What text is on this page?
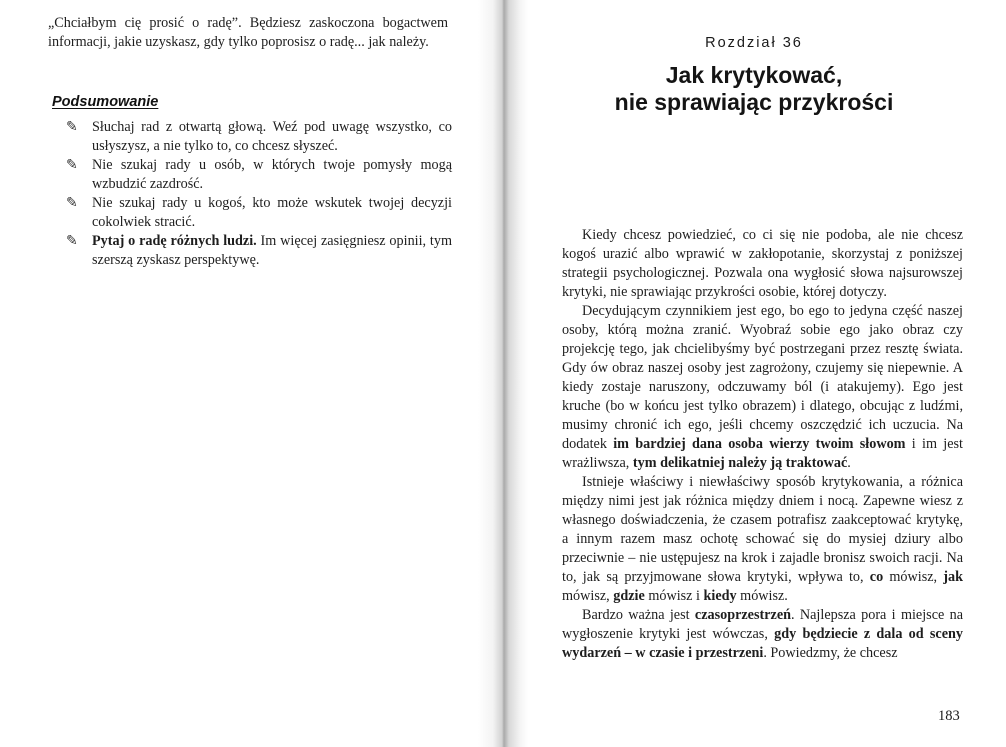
„Chciałbym cię prosić o radę”. Będziesz zaskoczona bogactwem informacji, jakie uzyskasz, gdy tylko poprosisz o radę... jak należy.

Podsumowanie
✎ Słuchaj rad z otwartą głową. Weź pod uwagę wszystko, co usłyszysz, a nie tylko to, co chcesz słyszeć.
✎ Nie szukaj rady u osób, w których twoje pomysły mogą wzbudzić zazdrość.
✎ Nie szukaj rady u kogoś, kto może wskutek twojej decyzji cokolwiek stracić.
✎ Pytaj o radę różnych ludzi. Im więcej zasięgniesz opinii, tym szerszą zyskasz perspektywę.

Rozdział 36

Jak krytykować,
nie sprawiając przykrości

Kiedy chcesz powiedzieć, co ci się nie podoba, ale nie chcesz kogoś urazić albo wprawić w zakłopotanie, skorzystaj z poniższej strategii psychologicznej. Pozwala ona wygłosić słowa najsurowszej krytyki, nie sprawiając przykrości osobie, której dotyczy.

Decydującym czynnikiem jest ego, bo ego to jedyna część naszej osoby, którą można zranić. Wyobraź sobie ego jako obraz czy projekcję tego, jak chcielibyśmy być postrzegani przez resztę świata. Gdy ów obraz naszej osoby jest zagrożony, czujemy się niepewnie. A kiedy zostaje naruszony, odczuwamy ból (i atakujemy). Ego jest kruche (bo w końcu jest tylko obrazem) i dlatego, obcując z ludźmi, musimy chronić ich ego, jeśli chcemy oszczędzić ich uczucia. Na dodatek im bardziej dana osoba wierzy twoim słowom i im jest wrażliwsza, tym delikatniej należy ją traktować.

Istnieje właściwy i niewłaściwy sposób krytykowania, a różnica między nimi jest jak różnica między dniem i nocą. Zapewne wiesz z własnego doświadczenia, że czasem potrafisz zaakceptować krytykę, a innym razem masz ochotę schować się do mysiej dziury albo przeciwnie – nie ustępujesz na krok i zajadle bronisz swoich racji. Na to, jak są przyjmowane słowa krytyki, wpływa to, co mówisz, jak mówisz, gdzie mówisz i kiedy mówisz.

Bardzo ważna jest czasoprzestrzeń. Najlepsza pora i miejsce na wygłoszenie krytyki jest wówczas, gdy będziecie z dala od sceny wydarzeń – w czasie i przestrzeni. Powiedzmy, że chcesz

183
